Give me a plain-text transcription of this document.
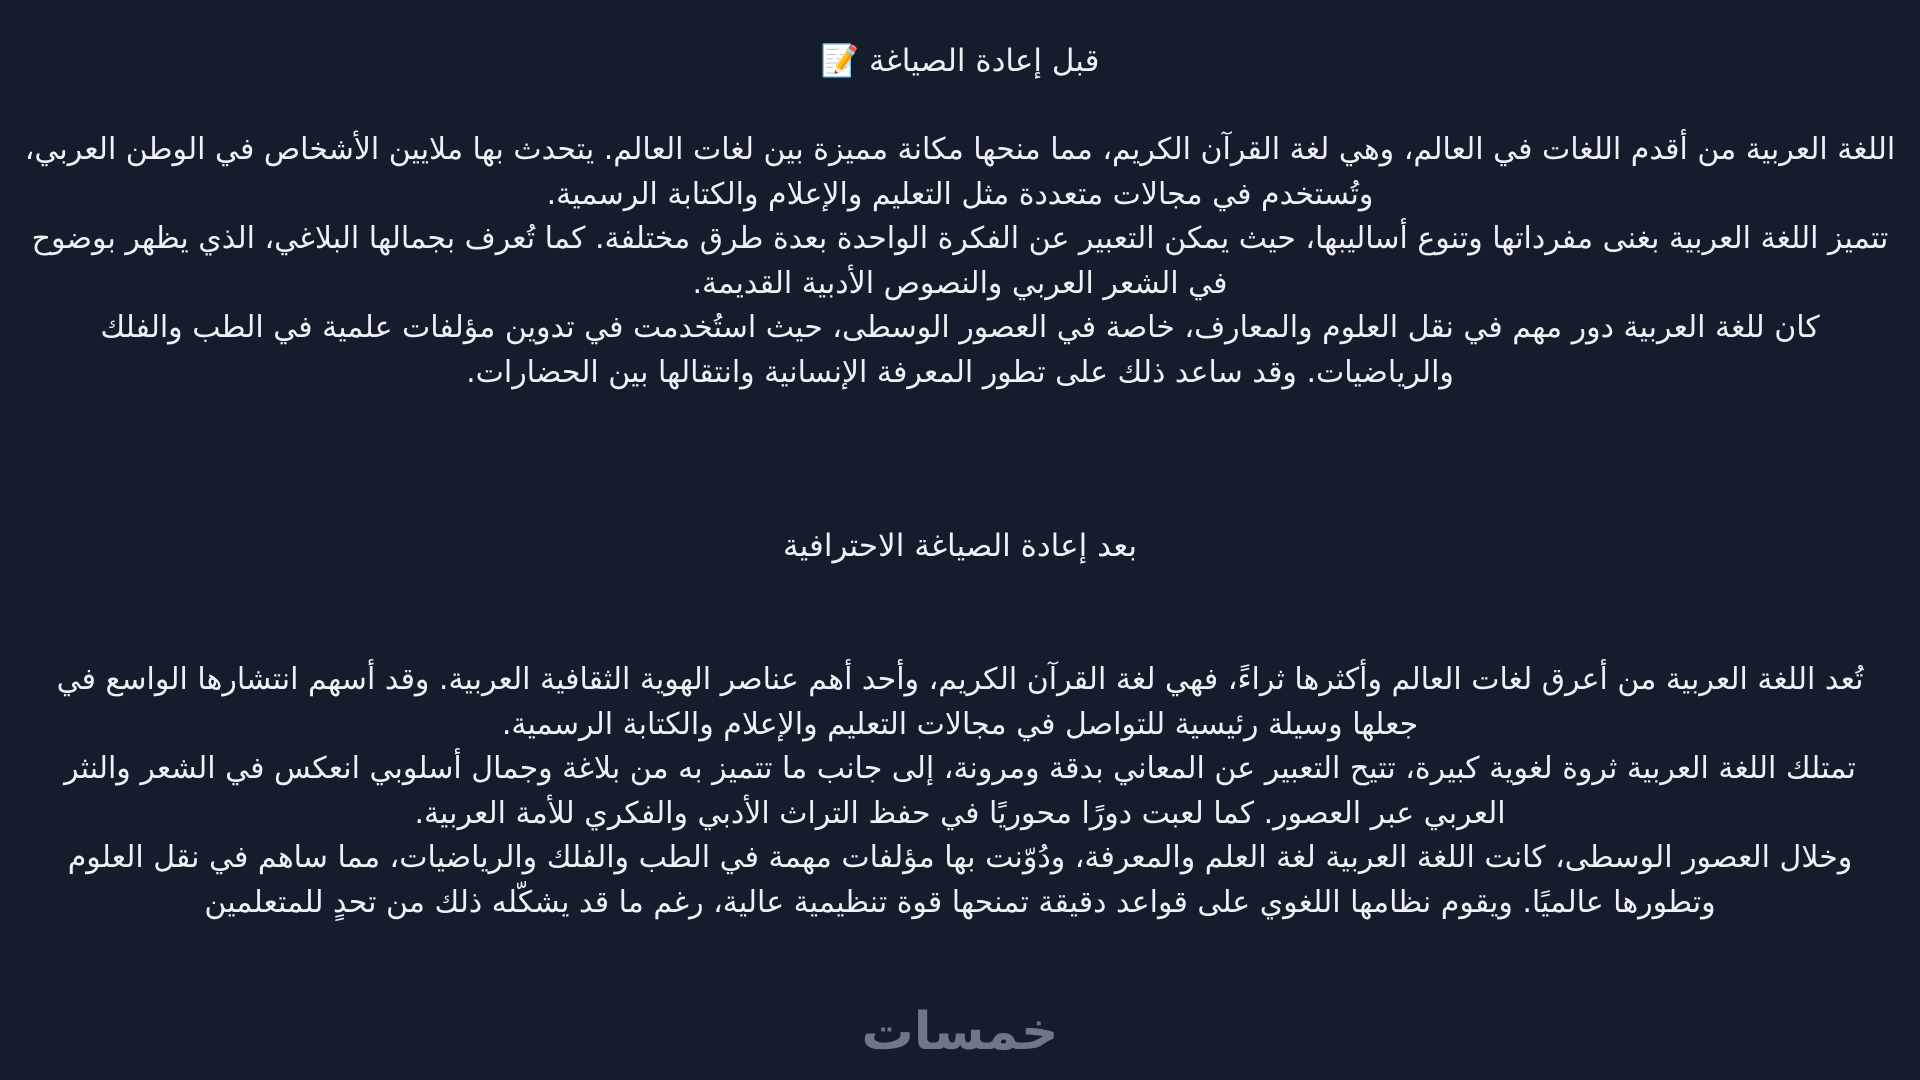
قبل إعادة الصياغة 📝

اللغة العربية من أقدم اللغات في العالم، وهي لغة القرآن الكريم، مما منحها مكانة مميزة بين لغات العالم. يتحدث بها ملايين الأشخاص في الوطن العربي، وتُستخدم في مجالات متعددة مثل التعليم والإعلام والكتابة الرسمية.

تتميز اللغة العربية بغنى مفرداتها وتنوع أساليبها، حيث يمكن التعبير عن الفكرة الواحدة بعدة طرق مختلفة. كما تُعرف بجمالها البلاغي، الذي يظهر بوضوح في الشعر العربي والنصوص الأدبية القديمة.

كان للغة العربية دور مهم في نقل العلوم والمعارف، خاصة في العصور الوسطى، حيث استُخدمت في تدوين مؤلفات علمية في الطب والفلك والرياضيات. وقد ساعد ذلك على تطور المعرفة الإنسانية وانتقالها بين الحضارات.

بعد إعادة الصياغة الاحترافية

تُعد اللغة العربية من أعرق لغات العالم وأكثرها ثراءً، فهي لغة القرآن الكريم، وأحد أهم عناصر الهوية الثقافية العربية. وقد أسهم انتشارها الواسع في جعلها وسيلة رئيسية للتواصل في مجالات التعليم والإعلام والكتابة الرسمية.

تمتلك اللغة العربية ثروة لغوية كبيرة، تتيح التعبير عن المعاني بدقة ومرونة، إلى جانب ما تتميز به من بلاغة وجمال أسلوبي انعكس في الشعر والنثر العربي عبر العصور. كما لعبت دورًا محوريًا في حفظ التراث الأدبي والفكري للأمة العربية.

وخلال العصور الوسطى، كانت اللغة العربية لغة العلم والمعرفة، ودُوّنت بها مؤلفات مهمة في الطب والفلك والرياضيات، مما ساهم في نقل العلوم وتطورها عالميًا. ويقوم نظامها اللغوي على قواعد دقيقة تمنحها قوة تنظيمية عالية، رغم ما قد يشكّله ذلك من تحدٍ للمتعلمين

خمسات
